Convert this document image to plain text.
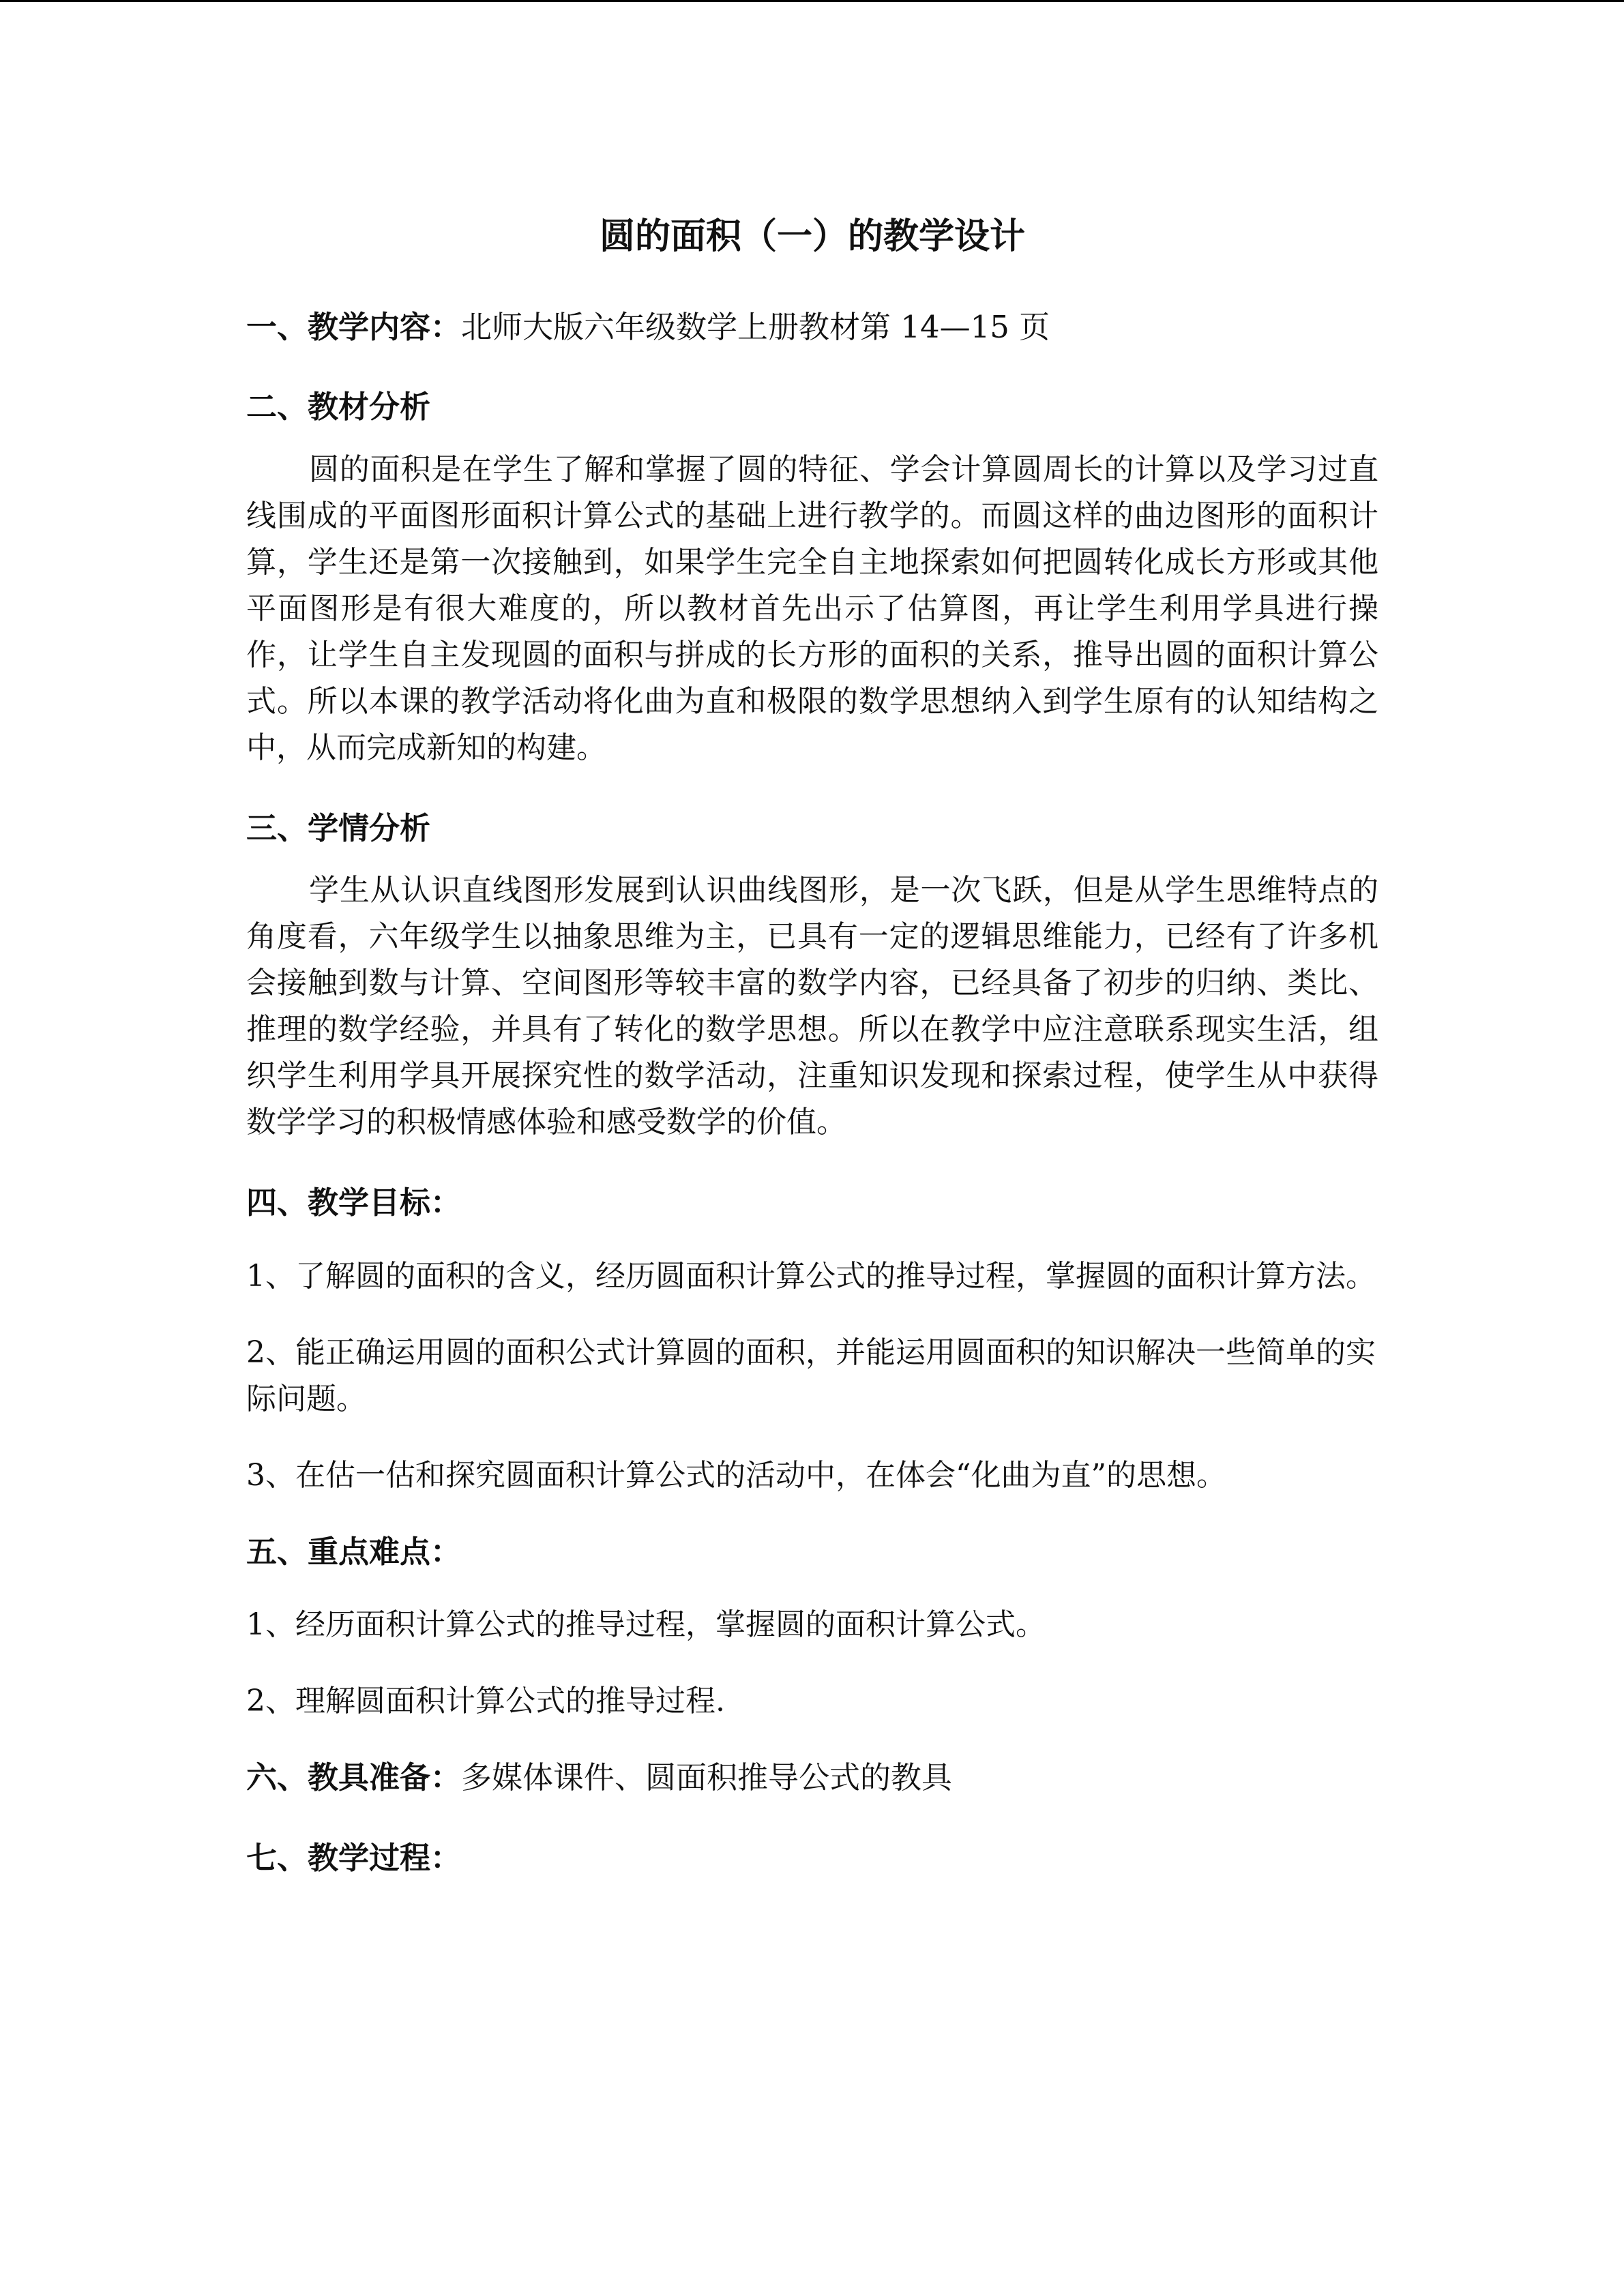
圆的面积（一）的教学设计
一、教学内容：北师大版六年级数学上册教材第 14—15 页
二、教材分析

圆的面积是在学生了解和掌握了圆的特征、学会计算圆周长的计算以及学习过直线围成的平面图形面积计算公式的基础上进行教学的。而圆这样的曲边图形的面积计算，学生还是第一次接触到，如果学生完全自主地探索如何把圆转化成长方形或其他平面图形是有很大难度的，所以教材首先出示了估算图，再让学生利用学具进行操作，让学生自主发现圆的面积与拼成的长方形的面积的关系，推导出圆的面积计算公式。所以本课的教学活动将化曲为直和极限的数学思想纳入到学生原有的认知结构之中，从而完成新知的构建。

三、学情分析

学生从认识直线图形发展到认识曲线图形，是一次飞跃，但是从学生思维特点的角度看，六年级学生以抽象思维为主，已具有一定的逻辑思维能力，已经有了许多机会接触到数与计算、空间图形等较丰富的数学内容，已经具备了初步的归纳、类比、推理的数学经验，并具有了转化的数学思想。所以在教学中应注意联系现实生活，组织学生利用学具开展探究性的数学活动，注重知识发现和探索过程，使学生从中获得数学学习的积极情感体验和感受数学的价值。

四、教学目标：
1、了解圆的面积的含义，经历圆面积计算公式的推导过程，掌握圆的面积计算方法。
2、能正确运用圆的面积公式计算圆的面积，并能运用圆面积的知识解决一些简单的实际问题。
3、在估一估和探究圆面积计算公式的活动中，在体会“化曲为直”的思想。
五、重点难点：
1、经历面积计算公式的推导过程，掌握圆的面积计算公式。
2、理解圆面积计算公式的推导过程.
六、教具准备：多媒体课件、圆面积推导公式的教具
七、教学过程：
